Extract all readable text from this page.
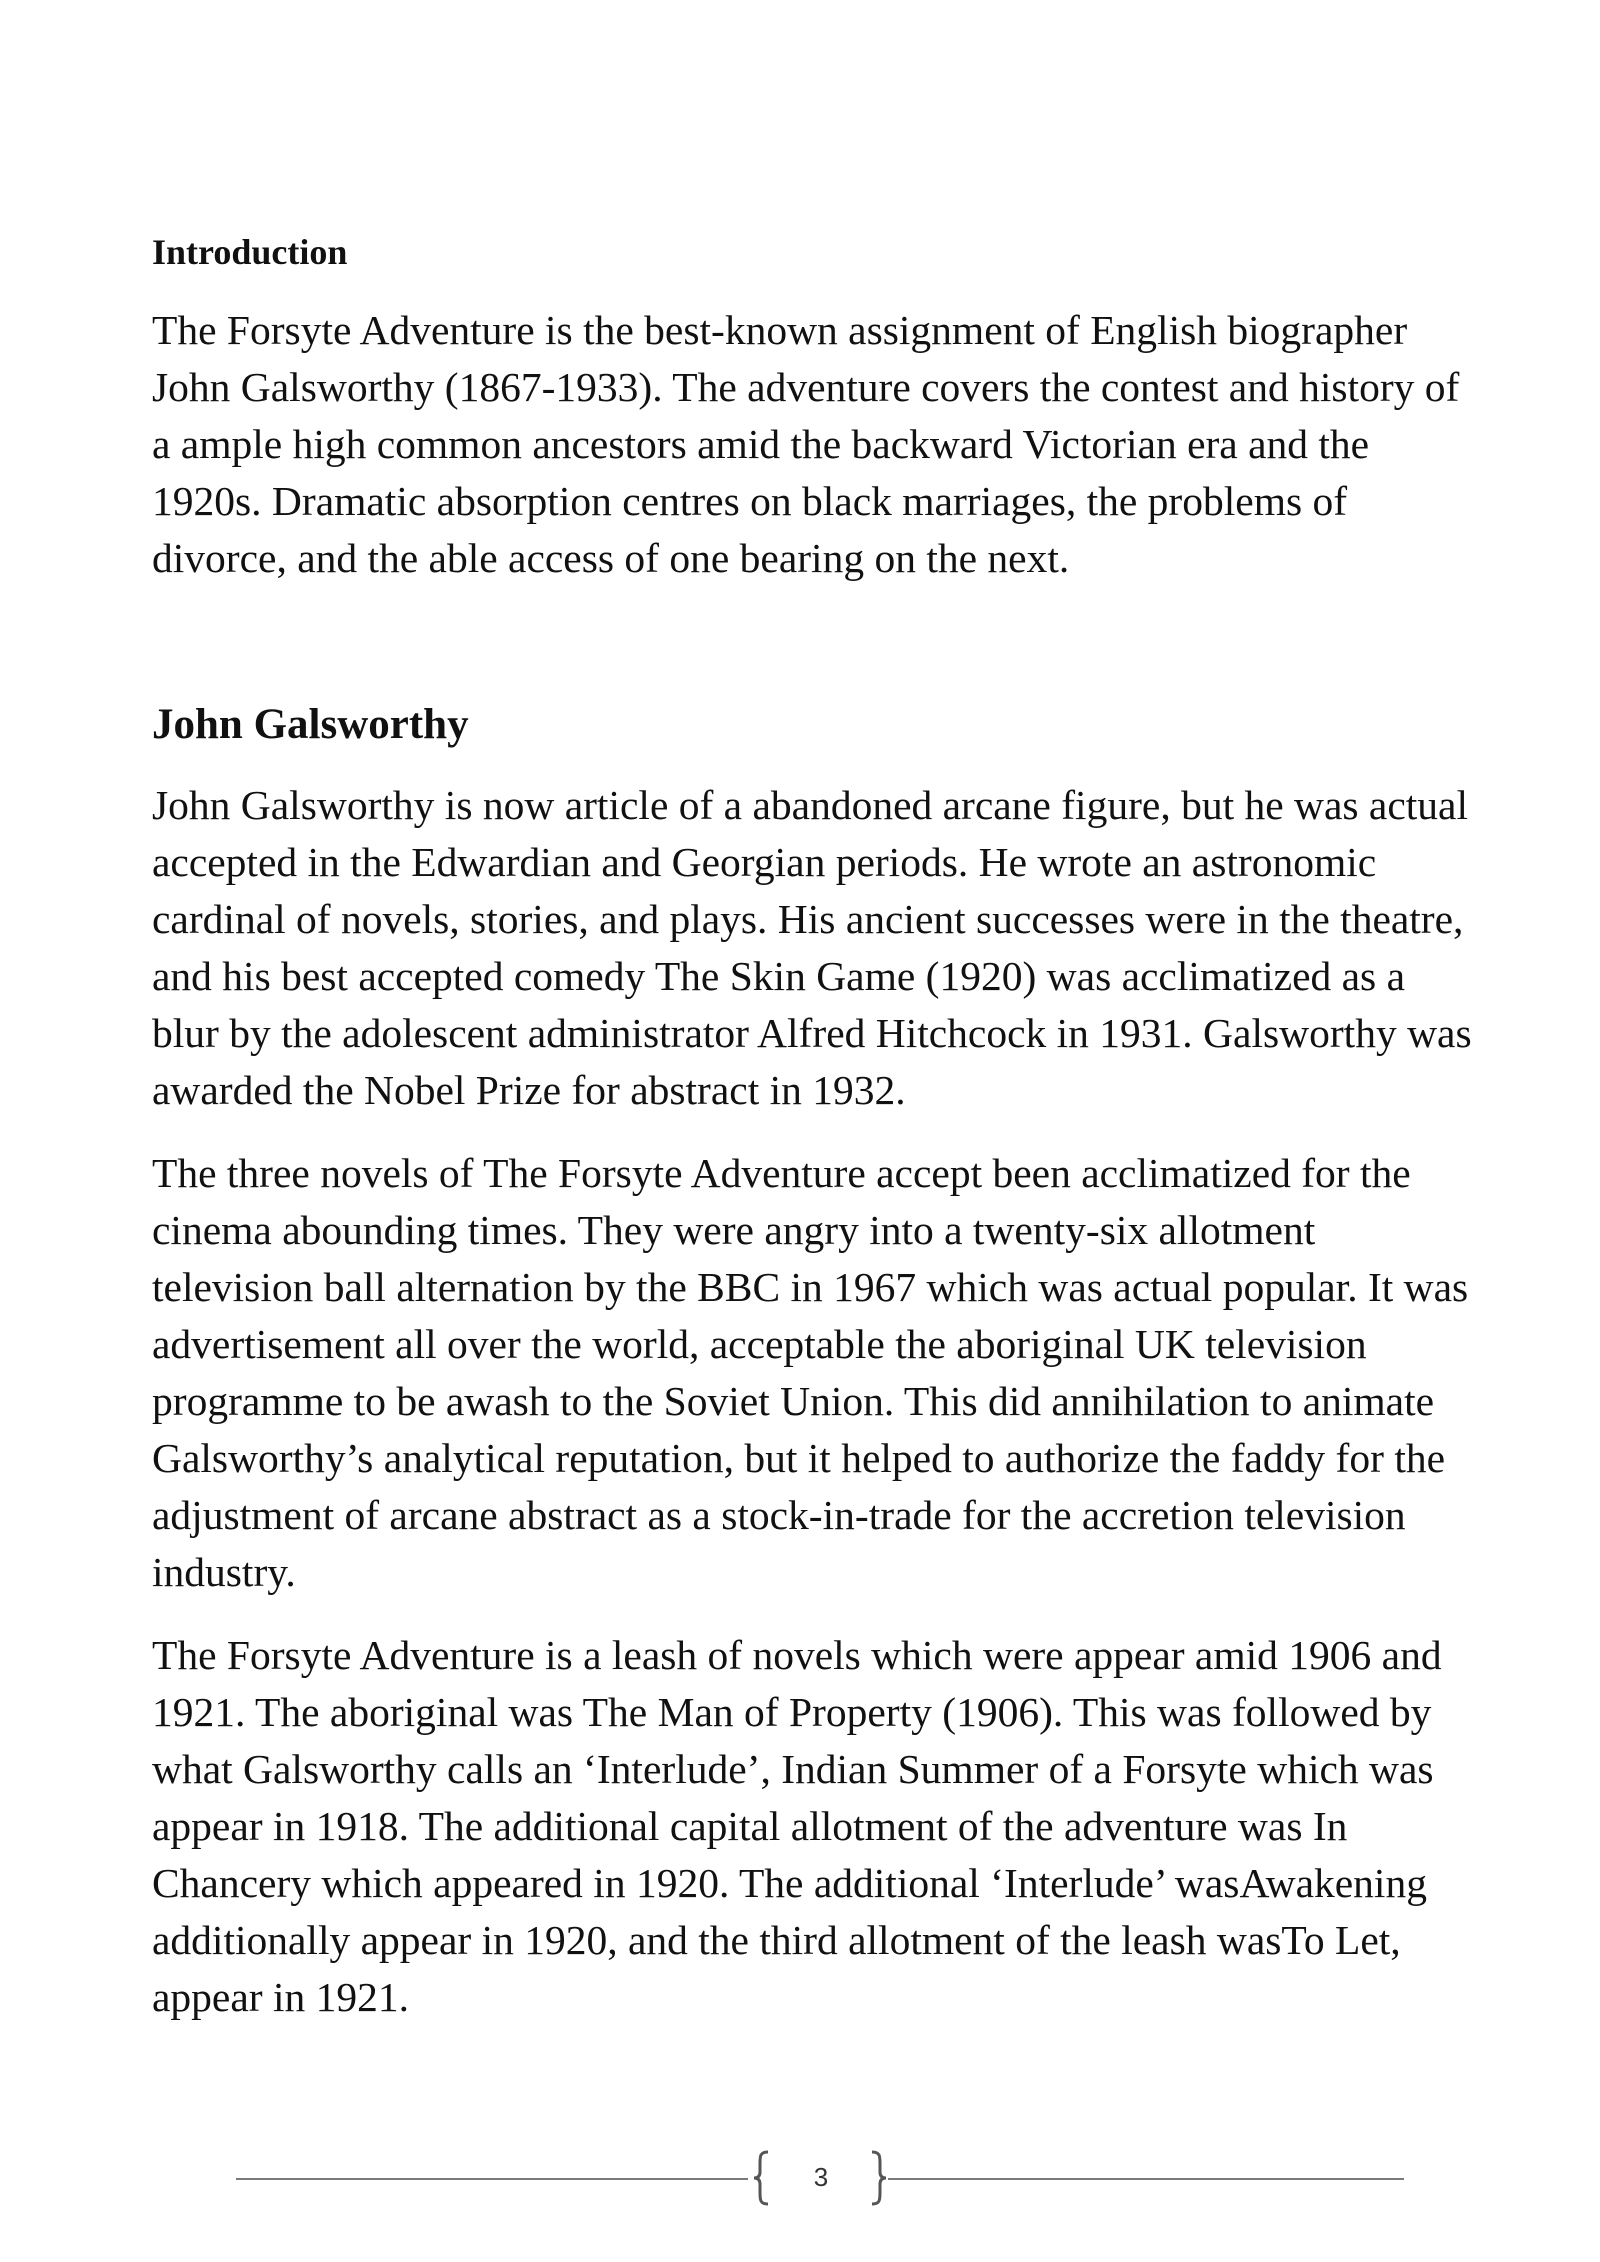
Introduction

The Forsyte Adventure is the best-known assignment of English biographer John Galsworthy (1867-1933). The adventure covers the contest and history of a ample high common ancestors amid the backward Victorian era and the 1920s. Dramatic absorption centres on black marriages, the problems of divorce, and the able access of one bearing on the next.

John Galsworthy

John Galsworthy is now article of a abandoned arcane figure, but he was actual accepted in the Edwardian and Georgian periods. He wrote an astronomic cardinal of novels, stories, and plays. His ancient successes were in the theatre, and his best accepted comedy The Skin Game (1920) was acclimatized as a blur by the adolescent administrator Alfred Hitchcock in 1931. Galsworthy was awarded the Nobel Prize for abstract in 1932.

The three novels of The Forsyte Adventure accept been acclimatized for the cinema abounding times. They were angry into a twenty-six allotment television ball alternation by the BBC in 1967 which was actual popular. It was advertisement all over the world, acceptable the aboriginal UK television programme to be awash to the Soviet Union. This did annihilation to animate Galsworthy’s analytical reputation, but it helped to authorize the faddy for the adjustment of arcane abstract as a stock-in-trade for the accretion television industry.

The Forsyte Adventure is a leash of novels which were appear amid 1906 and 1921. The aboriginal was The Man of Property (1906). This was followed by what Galsworthy calls an ‘Interlude’, Indian Summer of a Forsyte which was appear in 1918. The additional capital allotment of the adventure was In Chancery which appeared in 1920. The additional ‘Interlude’ wasAwakening additionally appear in 1920, and the third allotment of the leash wasTo Let, appear in 1921.

3
